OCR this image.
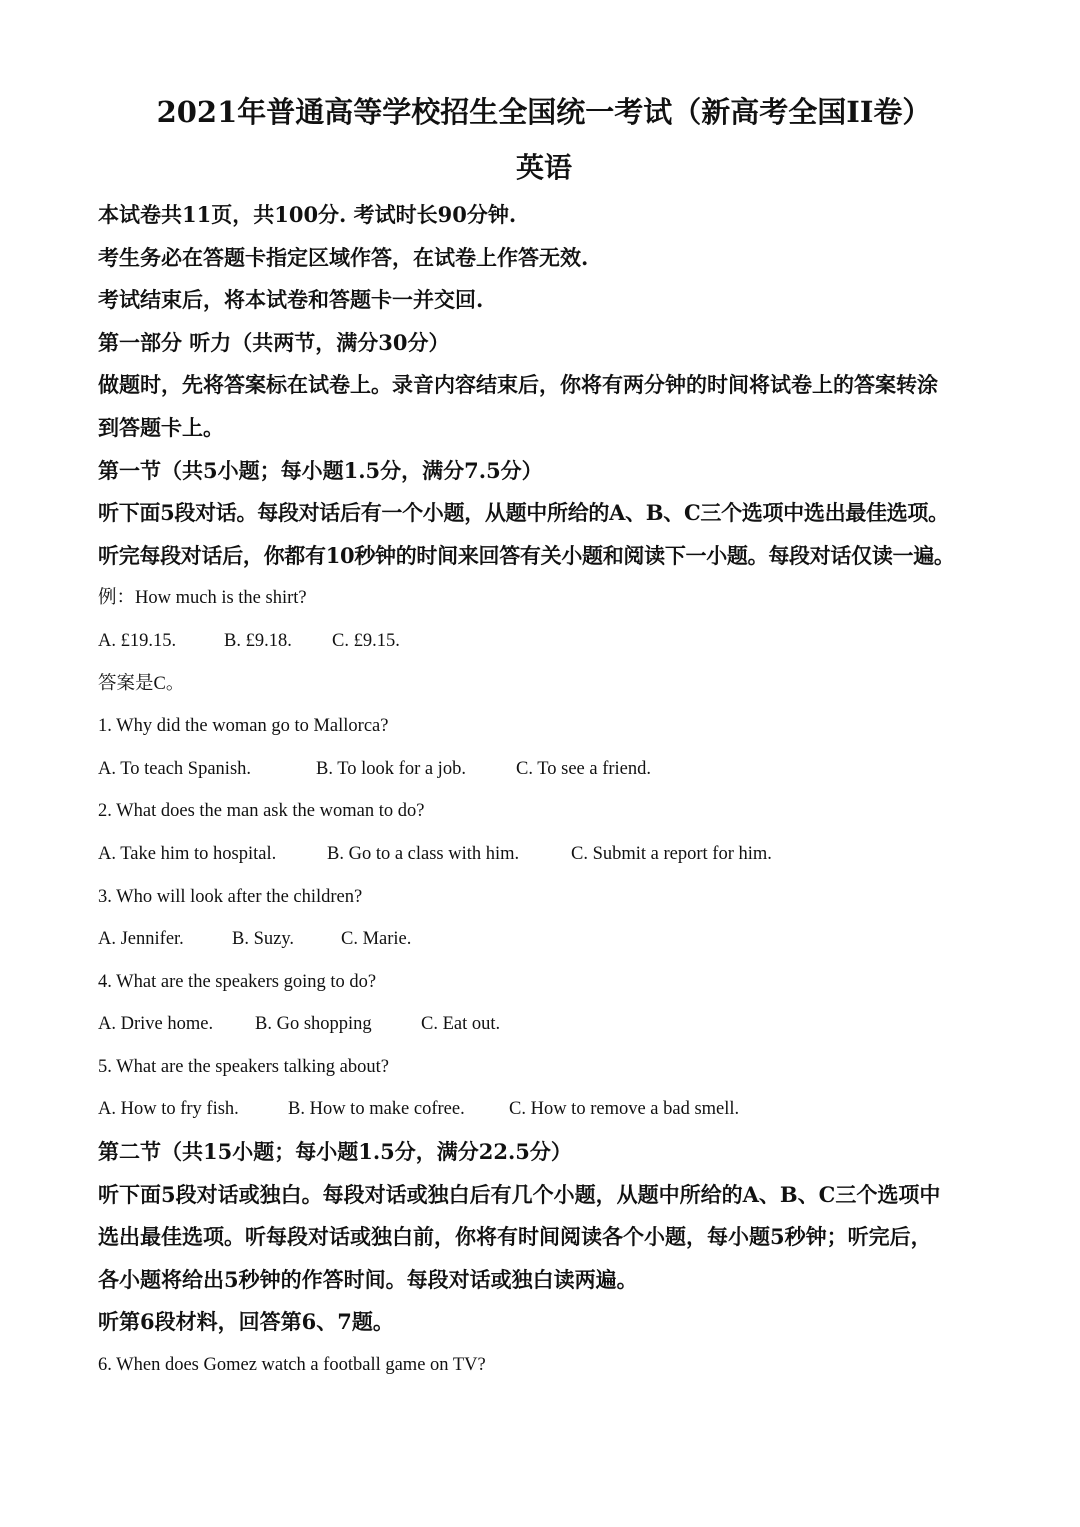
2021年普通高等学校招生全国统一考试（新高考全国II卷）
英语
本试卷共11页，共100分. 考试时长90分钟.
考生务必在答题卡指定区域作答，在试卷上作答无效.
考试结束后，将本试卷和答题卡一并交回.
第一部分 听力（共两节，满分30分）
做题时，先将答案标在试卷上。录音内容结束后，你将有两分钟的时间将试卷上的答案转涂
到答题卡上。
第一节（共5小题；每小题1.5分，满分7.5分）
听下面5段对话。每段对话后有一个小题，从题中所给的A、B、C三个选项中选出最佳选项。
听完每段对话后，你都有10秒钟的时间来回答有关小题和阅读下一小题。每段对话仅读一遍。
例：How much is the shirt?
A. £19.15.	B. £9.18.	C. £9.15.
答案是C。
1. Why did the woman go to Mallorca?
A. To teach Spanish.	B. To look for a job.	C. To see a friend.
2. What does the man ask the woman to do?
A. Take him to hospital.	B. Go to a class with him.	C. Submit a report for him.
3. Who will look after the children?
A. Jennifer.	B. Suzy.	C. Marie.
4. What are the speakers going to do?
A. Drive home.	B. Go shopping	C. Eat out.
5. What are the speakers talking about?
A. How to fry fish.	B. How to make cofree.	C. How to remove a bad smell.
第二节（共15小题；每小题1.5分，满分22.5分）
听下面5段对话或独白。每段对话或独白后有几个小题，从题中所给的A、B、C三个选项中
选出最佳选项。听每段对话或独白前，你将有时间阅读各个小题，每小题5秒钟；听完后，
各小题将给出5秒钟的作答时间。每段对话或独白读两遍。
听第6段材料，回答第6、7题。
6. When does Gomez watch a football game on TV?
